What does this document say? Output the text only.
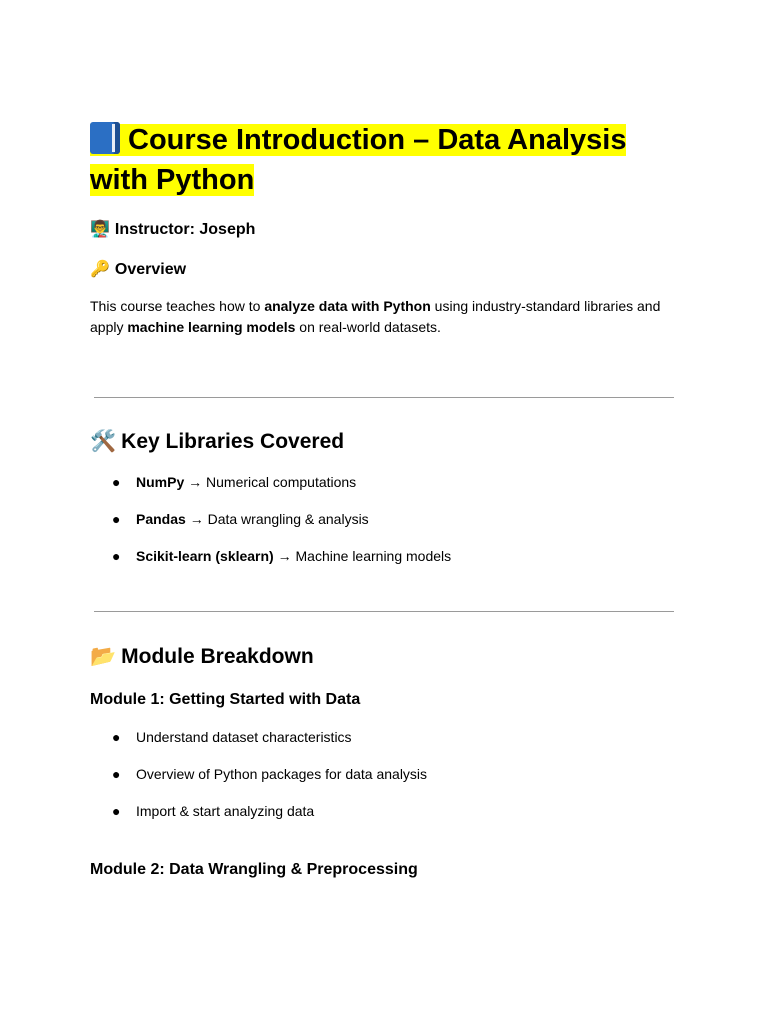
Course Introduction – Data Analysis with Python

👨‍🏫 Instructor: Joseph

🔑 Overview

This course teaches how to analyze data with Python using industry-standard libraries and apply machine learning models on real-world datasets.

🛠️ Key Libraries Covered
● NumPy → Numerical computations
● Pandas → Data wrangling & analysis
● Scikit-learn (sklearn) → Machine learning models
📂 Module Breakdown

Module 1: Getting Started with Data

● Understand dataset characteristics
● Overview of Python packages for data analysis
● Import & start analyzing data

Module 2: Data Wrangling & Preprocessing
